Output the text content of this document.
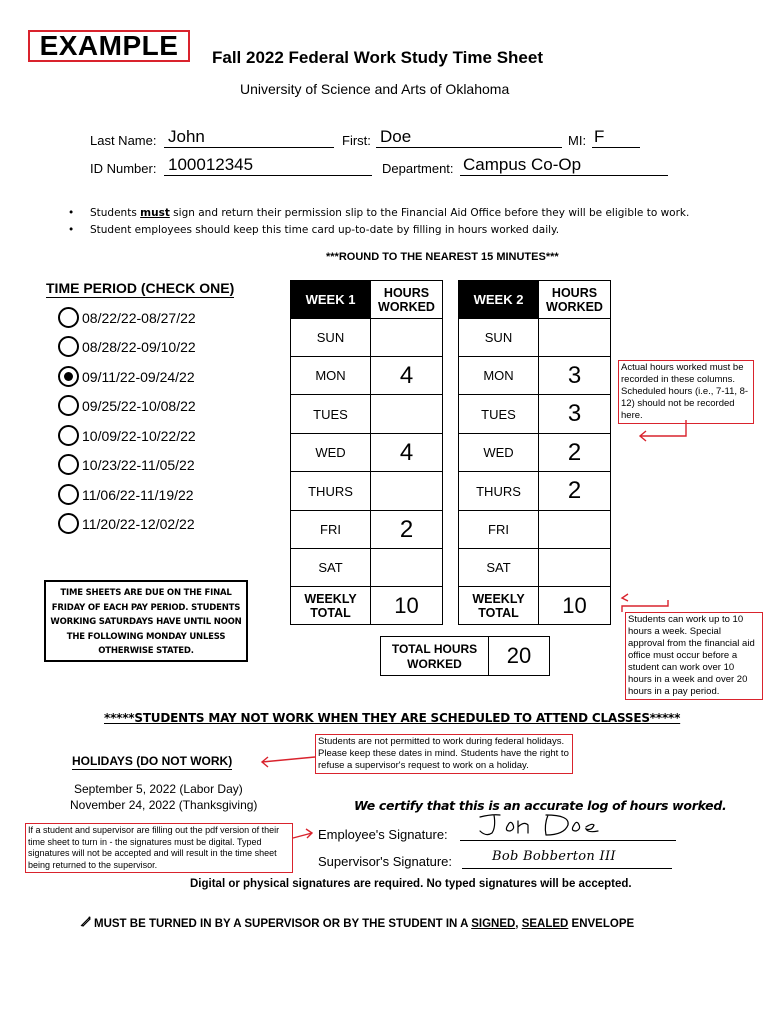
EXAMPLE	Fall 2022 Federal Work Study Time Sheet
University of Science and Arts of Oklahoma
Last Name: John	First: Doe	MI: F
ID Number: 100012345	Department: Campus Co-Op
• Students must sign and return their permission slip to the Financial Aid Office before they will be eligible to work.
• Student employees should keep this time card up-to-date by filling in hours worked daily.
***ROUND TO THE NEAREST 15 MINUTES***
TIME PERIOD (CHECK ONE)
08/22/22-08/27/22
08/28/22-09/10/22
09/11/22-09/24/22
09/25/22-10/08/22
10/09/22-10/22/22
10/23/22-11/05/22
11/06/22-11/19/22
11/20/22-12/02/22
TIME SHEETS ARE DUE ON THE FINAL FRIDAY OF EACH PAY PERIOD. STUDENTS WORKING SATURDAYS HAVE UNTIL NOON THE FOLLOWING MONDAY UNLESS OTHERWISE STATED.
WEEK 1	HOURS WORKED
SUN	
MON	4
TUES	
WED	4
THURS	
FRI	2
SAT	
WEEKLY TOTAL	10
WEEK 2	HOURS WORKED
SUN	
MON	3
TUES	3
WED	2
THURS	2
FRI	
SAT	
WEEKLY TOTAL	10
TOTAL HOURS WORKED	20
Actual hours worked must be recorded in these columns. Scheduled hours (i.e., 7-11, 8-12) should not be recorded here.
Students can work up to 10 hours a week. Special approval from the financial aid office must occur before a student can work over 10 hours in a week and over 20 hours in a pay period.
Students are not permitted to work during federal holidays. Please keep these dates in mind. Students have the right to refuse a supervisor's request to work on a holiday.
If a student and supervisor are filling out the pdf version of their time sheet to turn in - the signatures must be digital. Typed signatures will not be accepted and will result in the time sheet being returned to the supervisor.
*****STUDENTS MAY NOT WORK WHEN THEY ARE SCHEDULED TO ATTEND CLASSES*****
HOLIDAYS (DO NOT WORK)
September 5, 2022 (Labor Day)
November 24, 2022 (Thanksgiving)	We certify that this is an accurate log of hours worked.
Employee's Signature:
Supervisor's Signature:	Bob Bobberton III
Digital or physical signatures are required. No typed signatures will be accepted.
MUST BE TURNED IN BY A SUPERVISOR OR BY THE STUDENT IN A SIGNED, SEALED ENVELOPE
